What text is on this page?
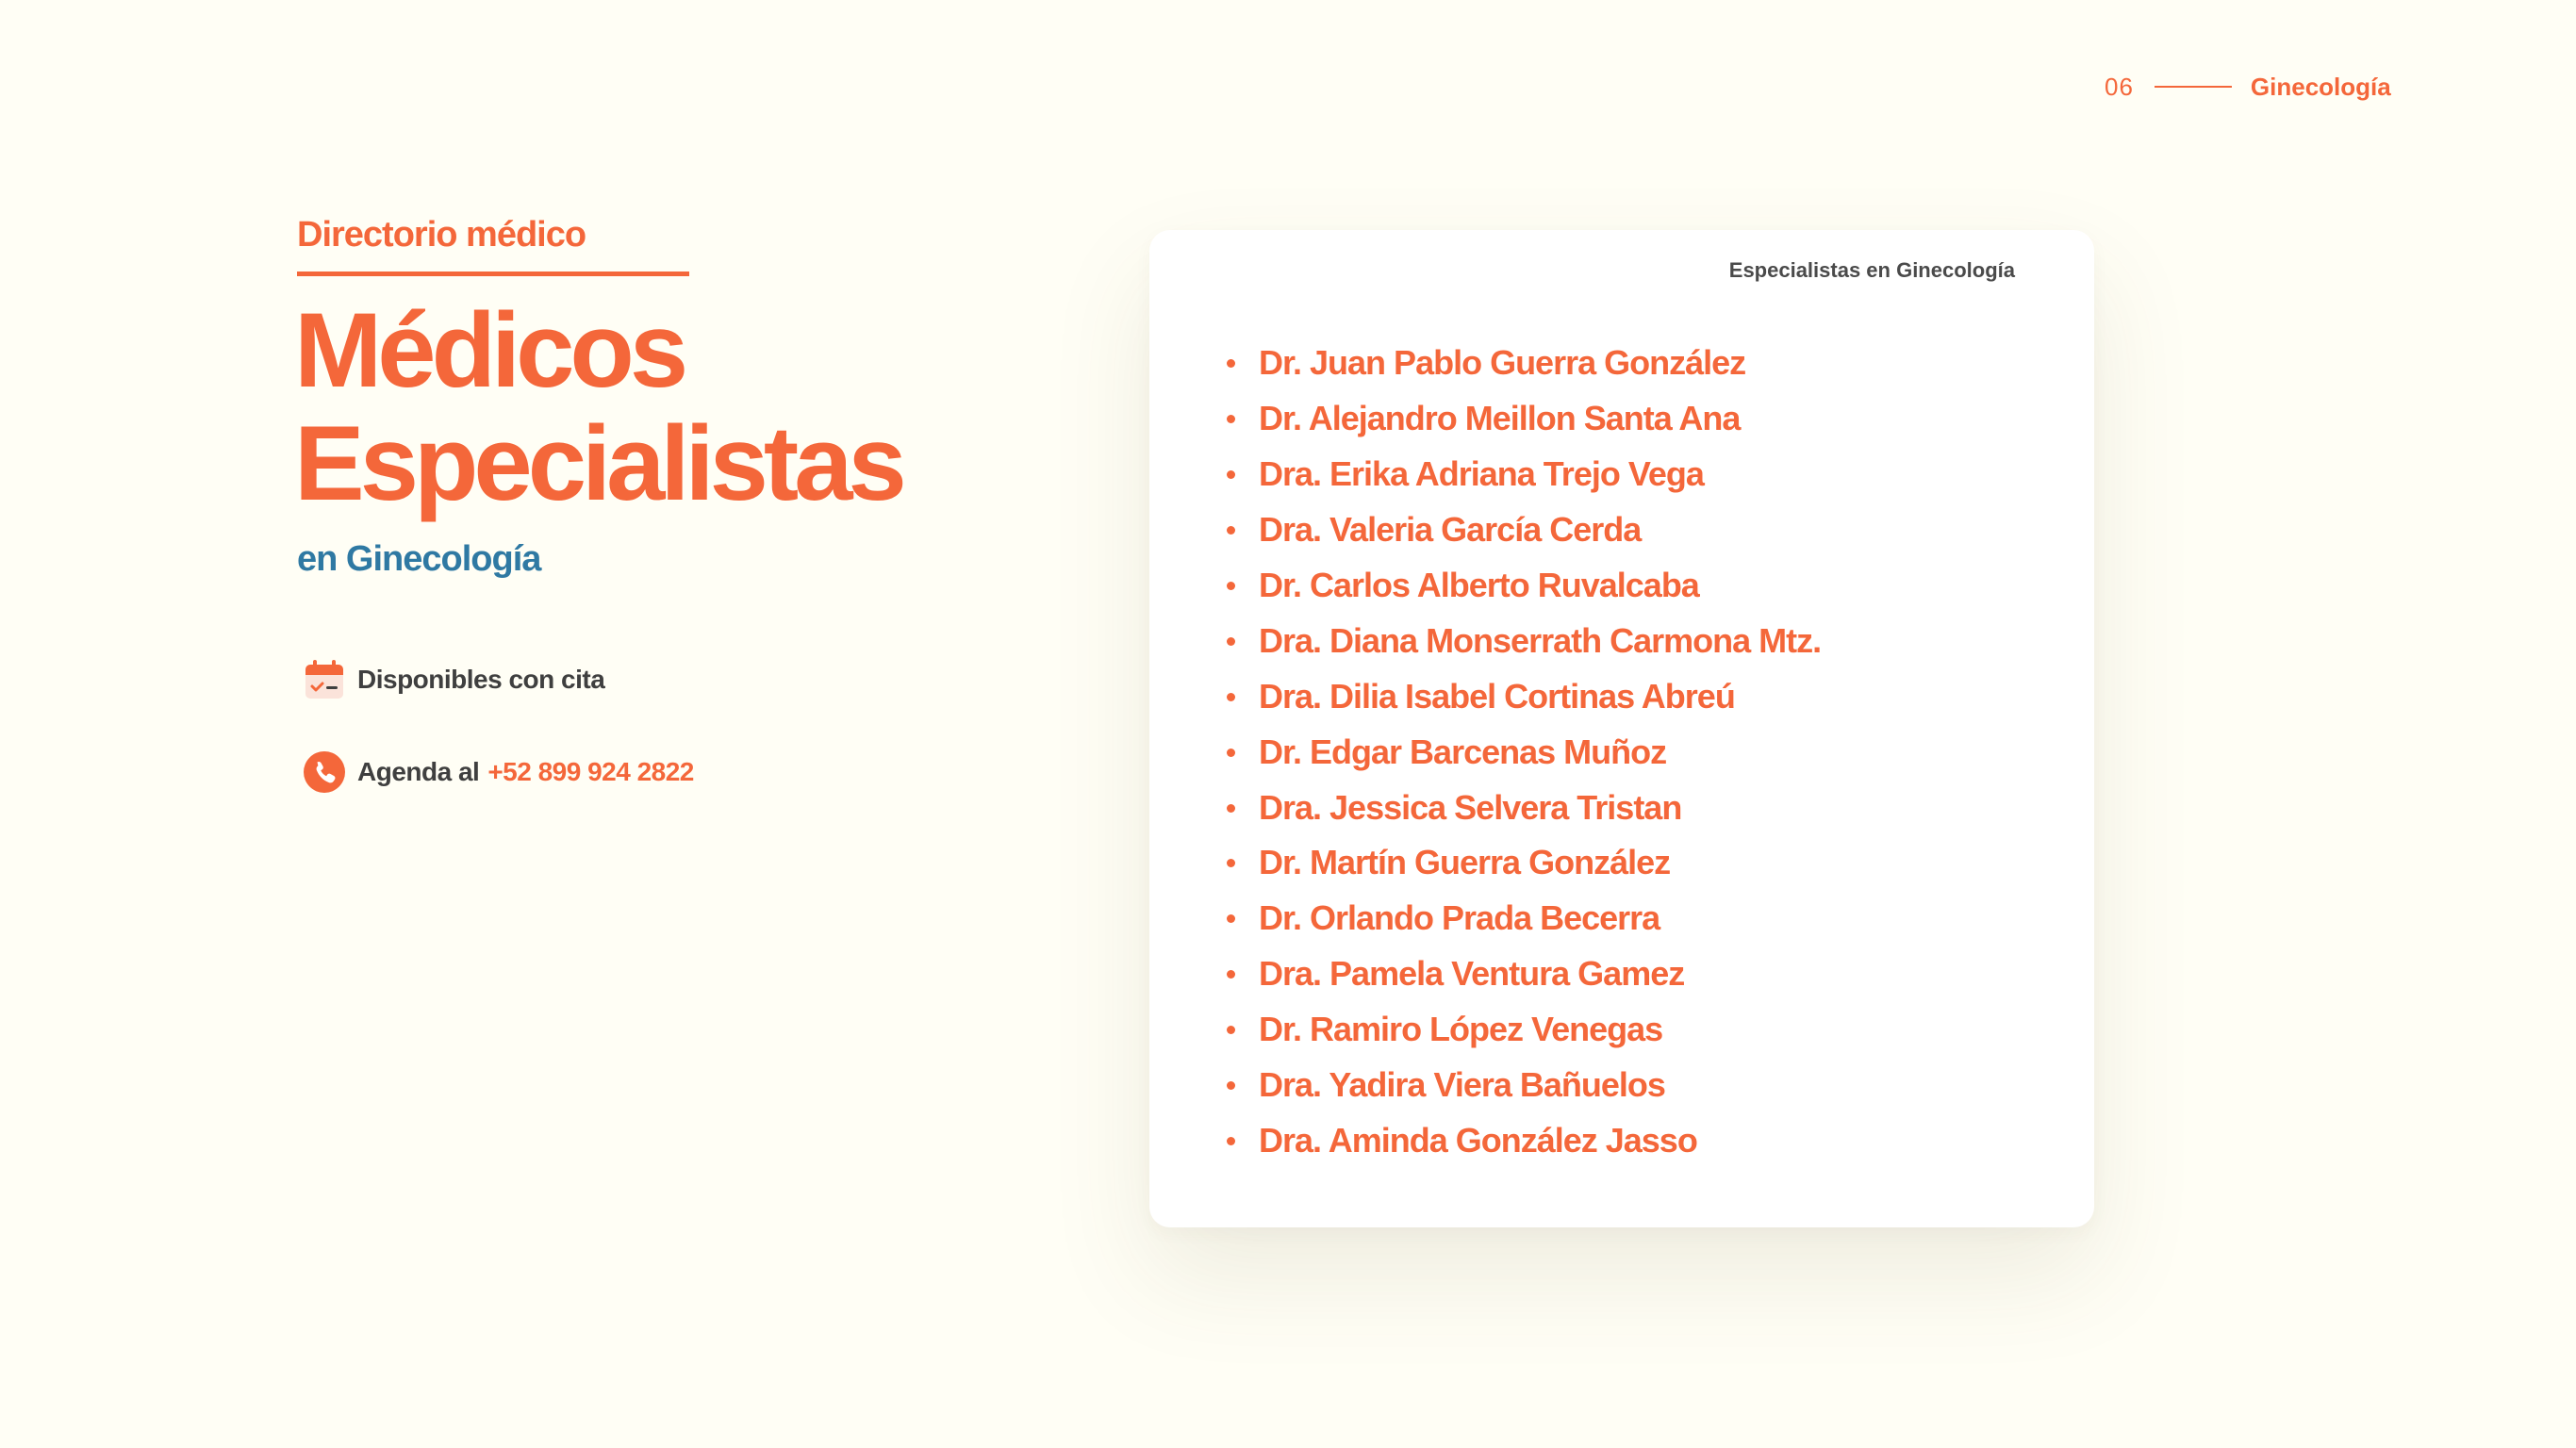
06	Ginecología
Directorio médico
Médicos
Especialistas
en Ginecología
Disponibles con cita
Agenda al +52 899 924 2822
Especialistas en Ginecología
Dr. Juan Pablo Guerra González
Dr. Alejandro Meillon Santa Ana
Dra. Erika Adriana Trejo Vega
Dra. Valeria García Cerda
Dr. Carlos Alberto Ruvalcaba
Dra. Diana Monserrath Carmona Mtz.
Dra. Dilia Isabel Cortinas Abreú
Dr. Edgar Barcenas Muñoz
Dra. Jessica Selvera Tristan
Dr. Martín Guerra González
Dr. Orlando Prada Becerra
Dra. Pamela Ventura Gamez
Dr. Ramiro López Venegas
Dra. Yadira Viera Bañuelos
Dra. Aminda González Jasso
